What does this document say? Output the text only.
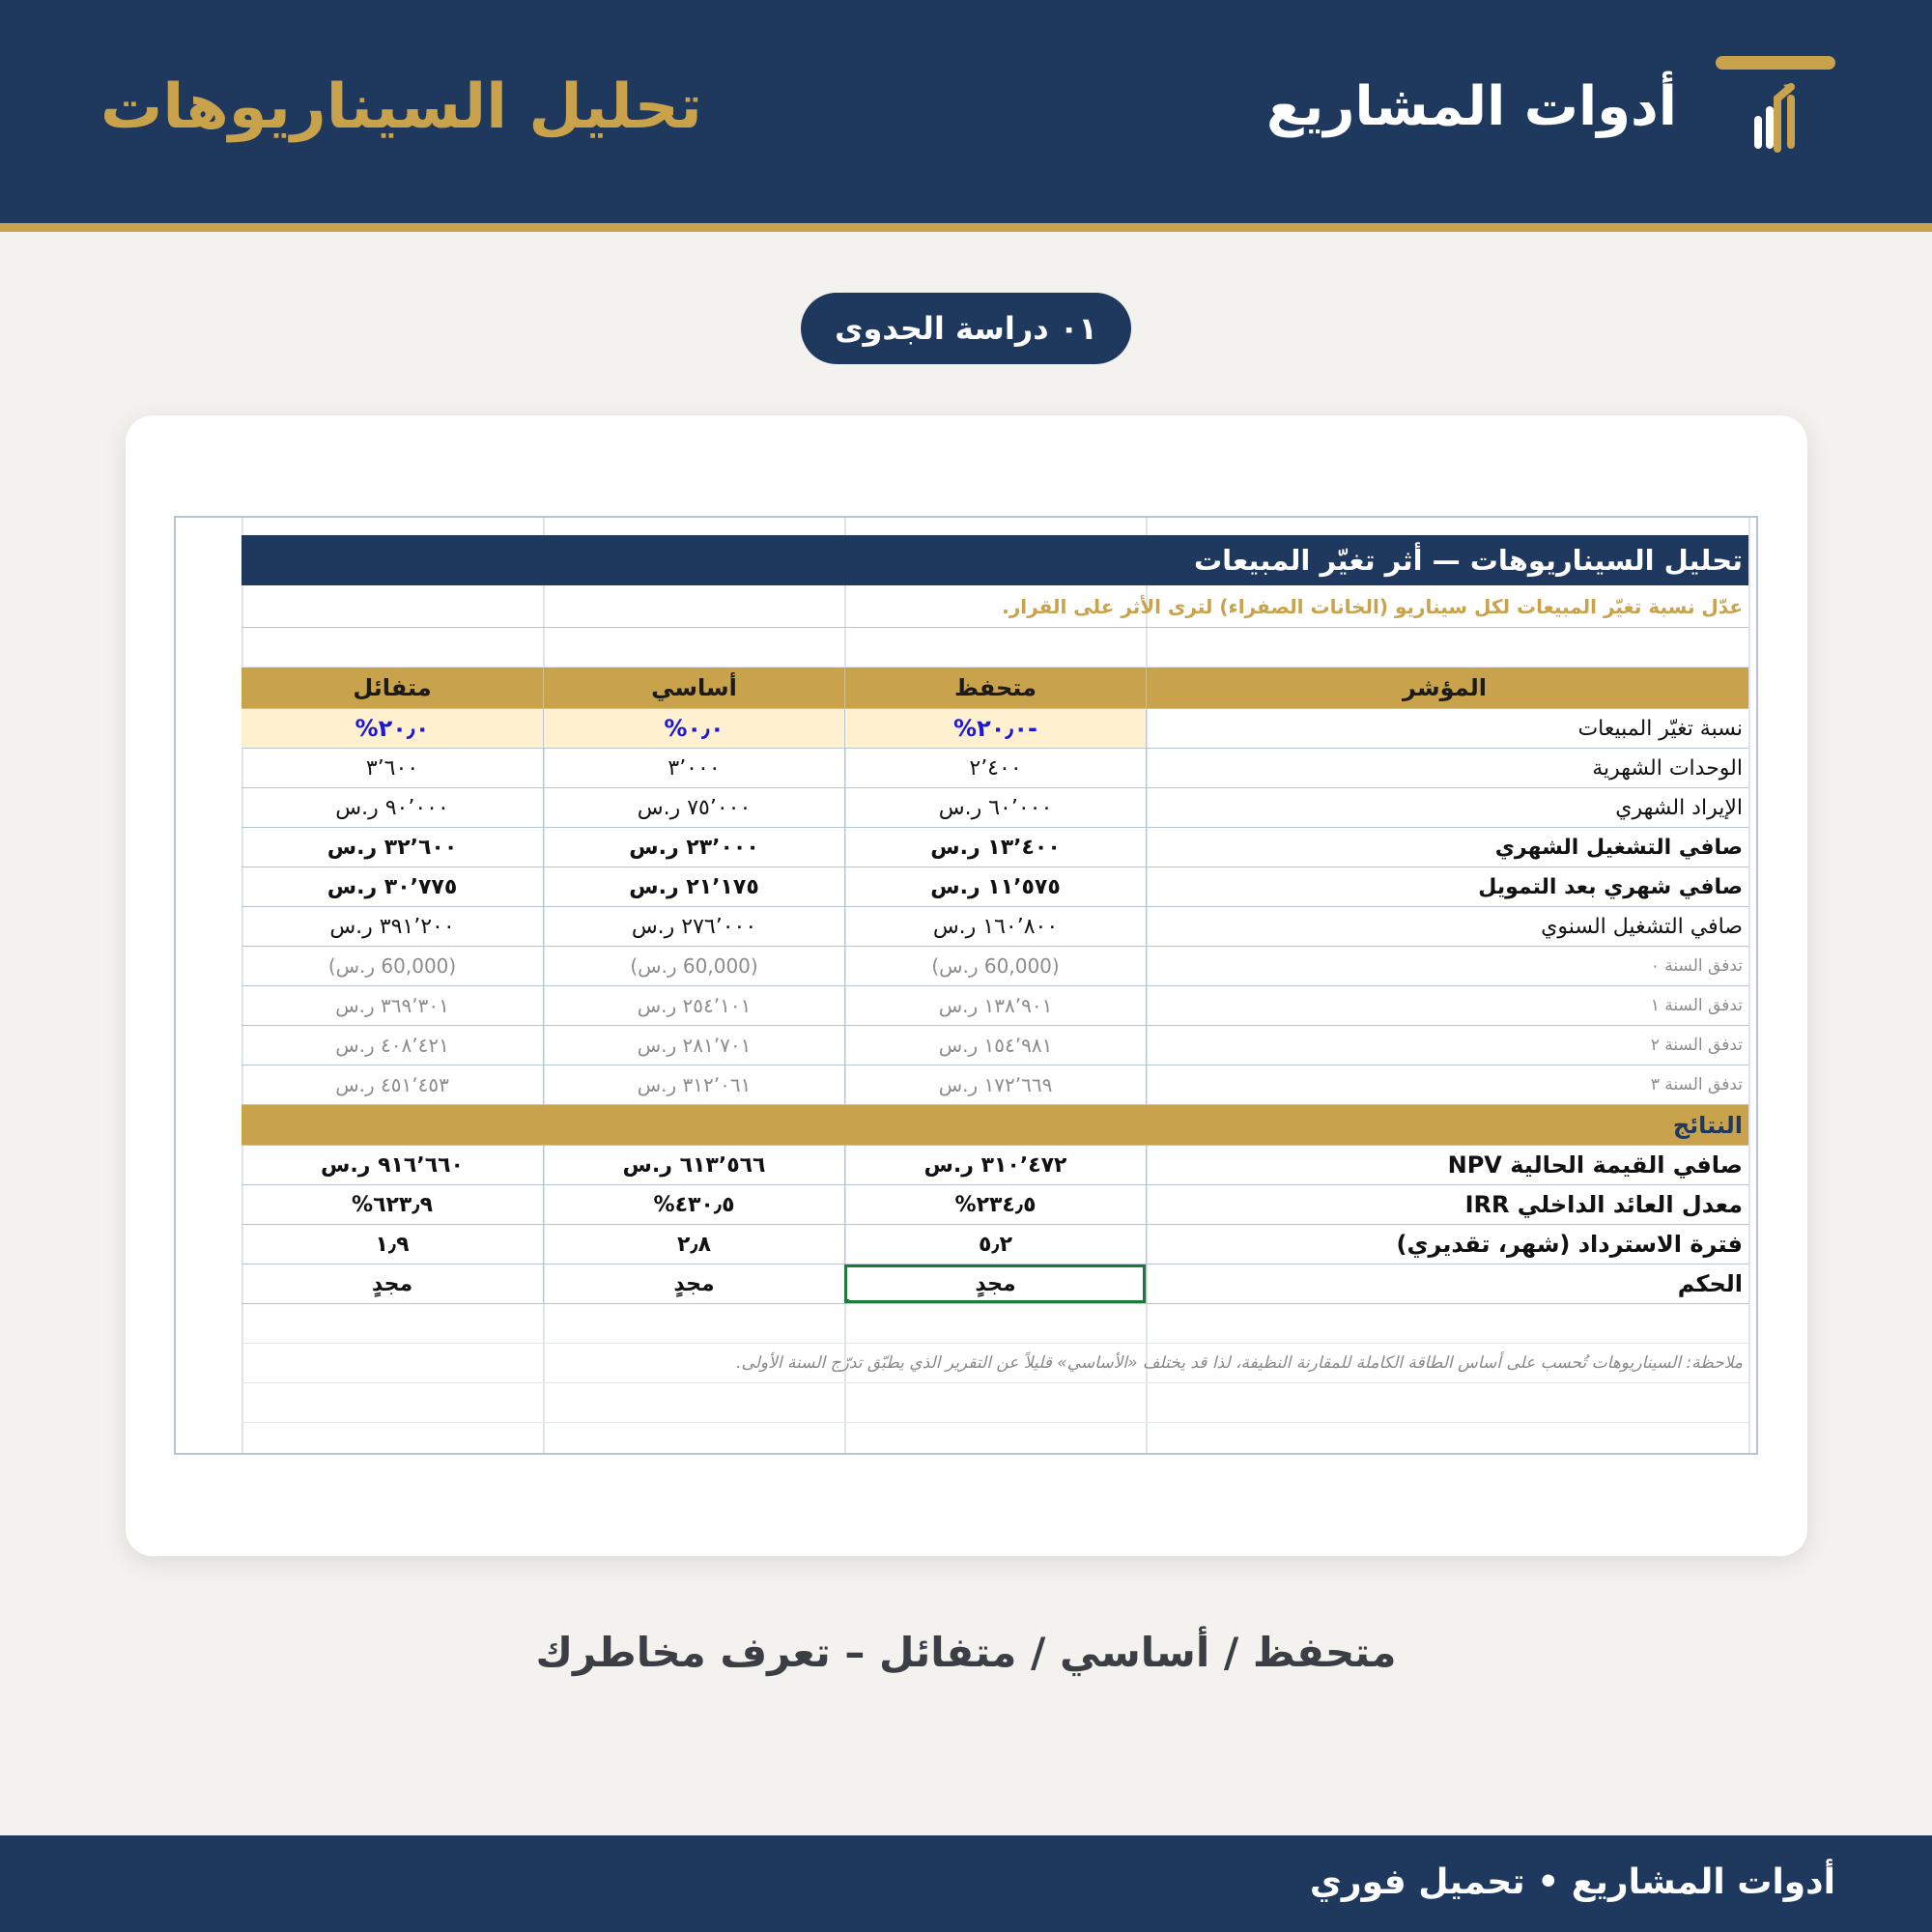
أدوات المشاريع
تحليل السيناريوهات
٠١ دراسة الجدوى
تحليل السيناريوهات — أثر تغيّر المبيعات
عدّل نسبة تغيّر المبيعات لكل سيناريو (الخانات الصفراء) لترى الأثر على القرار.
المؤشر
متحفظ
أساسي
متفائل
نسبة تغيّر المبيعات
-٢٠٫٠%
٠٫٠%
٢٠٫٠%
الوحدات الشهرية
٢٬٤٠٠
٣٬٠٠٠
٣٬٦٠٠
الإيراد الشهري
٦٠٬٠٠٠ ر.س
٧٥٬٠٠٠ ر.س
٩٠٬٠٠٠ ر.س
صافي التشغيل الشهري
١٣٬٤٠٠ ر.س
٢٣٬٠٠٠ ر.س
٣٢٬٦٠٠ ر.س
صافي شهري بعد التمويل
١١٬٥٧٥ ر.س
٢١٬١٧٥ ر.س
٣٠٬٧٧٥ ر.س
صافي التشغيل السنوي
١٦٠٬٨٠٠ ر.س
٢٧٦٬٠٠٠ ر.س
٣٩١٬٢٠٠ ر.س
تدفق السنة ٠
(60,000 ر.س)
(60,000 ر.س)
(60,000 ر.س)
تدفق السنة ١
١٣٨٬٩٠١ ر.س
٢٥٤٬١٠١ ر.س
٣٦٩٬٣٠١ ر.س
تدفق السنة ٢
١٥٤٬٩٨١ ر.س
٢٨١٬٧٠١ ر.س
٤٠٨٬٤٢١ ر.س
تدفق السنة ٣
١٧٢٬٦٦٩ ر.س
٣١٢٬٠٦١ ر.س
٤٥١٬٤٥٣ ر.س
النتائج
صافي القيمة الحالية NPV
٣١٠٬٤٧٢ ر.س
٦١٣٬٥٦٦ ر.س
٩١٦٬٦٦٠ ر.س
معدل العائد الداخلي IRR
٢٣٤٫٥%
٤٣٠٫٥%
٦٢٣٫٩%
فترة الاسترداد (شهر، تقديري)
٥٫٢
٢٫٨
١٫٩
الحكم
مجدٍ
مجدٍ
مجدٍ
ملاحظة: السيناريوهات تُحسب على أساس الطاقة الكاملة للمقارنة النظيفة، لذا قد يختلف «الأساسي» قليلاً عن التقرير الذي يطبّق تدرّج السنة الأولى.
متحفظ / أساسي / متفائل – تعرف مخاطرك
أدوات المشاريع • تحميل فوري
